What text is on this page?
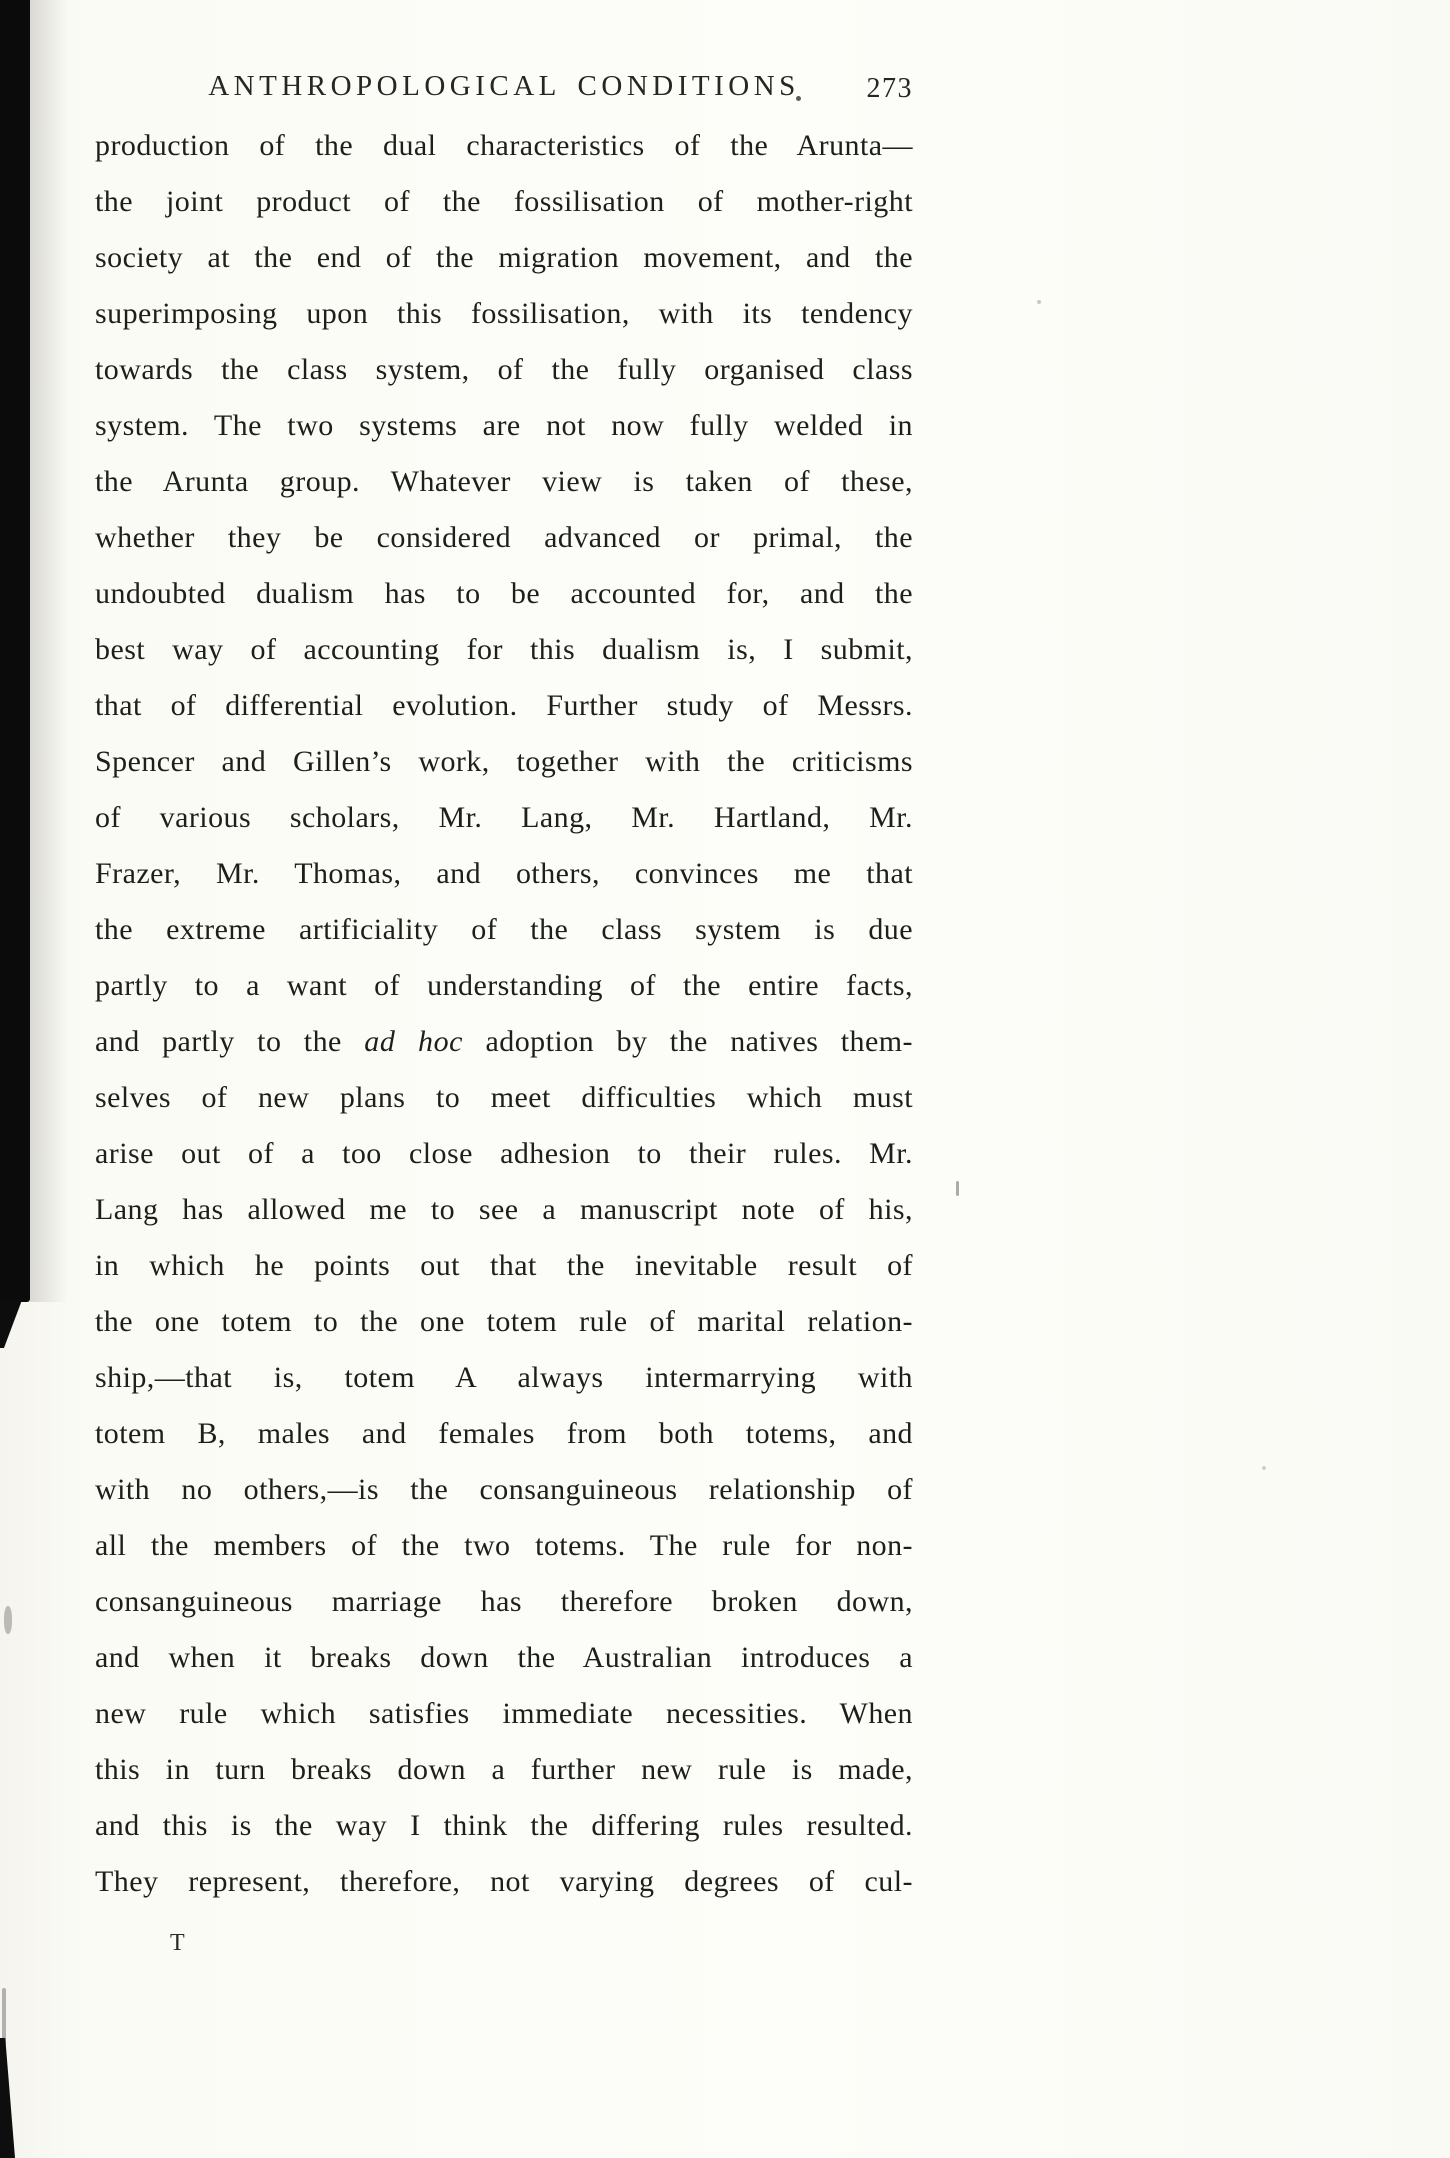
ANTHROPOLOGICAL CONDITIONS	273
production of the dual characteristics of the Arunta—
the joint product of the fossilisation of mother-right
society at the end of the migration movement, and the
superimposing upon this fossilisation, with its tendency
towards the class system, of the fully organised class
system. The two systems are not now fully welded in
the Arunta group. Whatever view is taken of these,
whether they be considered advanced or primal, the
undoubted dualism has to be accounted for, and the
best way of accounting for this dualism is, I submit,
that of differential evolution. Further study of Messrs.
Spencer and Gillen’s work, together with the criticisms
of various scholars, Mr. Lang, Mr. Hartland, Mr.
Frazer, Mr. Thomas, and others, convinces me that
the extreme artificiality of the class system is due
partly to a want of understanding of the entire facts,
and partly to the ad hoc adoption by the natives them-
selves of new plans to meet difficulties which must
arise out of a too close adhesion to their rules. Mr.
Lang has allowed me to see a manuscript note of his,
in which he points out that the inevitable result of
the one totem to the one totem rule of marital relation-
ship,—that is, totem A always intermarrying with
totem B, males and females from both totems, and
with no others,—is the consanguineous relationship of
all the members of the two totems. The rule for non-
consanguineous marriage has therefore broken down,
and when it breaks down the Australian introduces a
new rule which satisfies immediate necessities. When
this in turn breaks down a further new rule is made,
and this is the way I think the differing rules resulted.
They represent, therefore, not varying degrees of cul-
T
